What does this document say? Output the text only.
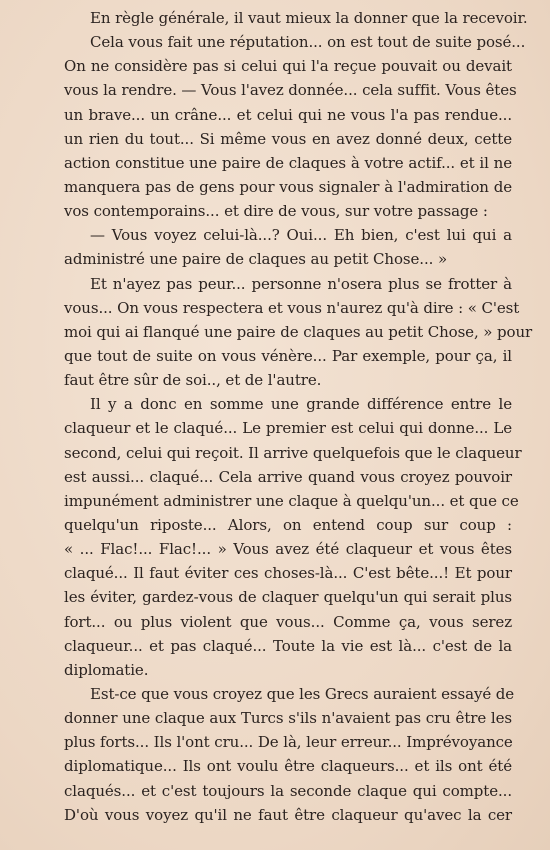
En règle générale, il vaut mieux la donner que la recevoir.
Cela vous fait une réputation... on est tout de suite posé...
On ne considère pas si celui qui l'a reçue pouvait ou devait
vous la rendre. — Vous l'avez donnée... cela suffit. Vous êtes
un brave... un crâne... et celui qui ne vous l'a pas rendue...
un rien du tout... Si même vous en avez donné deux, cette
action constitue une paire de claques à votre actif... et il ne
manquera pas de gens pour vous signaler à l'admiration de
vos contemporains... et dire de vous, sur votre passage :
— Vous voyez celui-là...? Oui... Eh bien, c'est lui qui a
administré une paire de claques au petit Chose... »
Et n'ayez pas peur... personne n'osera plus se frotter à
vous... On vous respectera et vous n'aurez qu'à dire : « C'est
moi qui ai flanqué une paire de claques au petit Chose, » pour
que tout de suite on vous vénère... Par exemple, pour ça, il
faut être sûr de soi.., et de l'autre.
Il y a donc en somme une grande différence entre le
claqueur et le claqué... Le premier est celui qui donne... Le
second, celui qui reçoit. Il arrive quelquefois que le claqueur
est aussi... claqué... Cela arrive quand vous croyez pouvoir
impunément administrer une claque à quelqu'un... et que ce
quelqu'un riposte... Alors, on entend coup sur coup :
« ... Flac!... Flac!... » Vous avez été claqueur et vous êtes
claqué... Il faut éviter ces choses-là... C'est bête...! Et pour
les éviter, gardez-vous de claquer quelqu'un qui serait plus
fort... ou plus violent que vous... Comme ça, vous serez
claqueur... et pas claqué... Toute la vie est là... c'est de la
diplomatie.
Est-ce que vous croyez que les Grecs auraient essayé de
donner une claque aux Turcs s'ils n'avaient pas cru être les
plus forts... Ils l'ont cru... De là, leur erreur... Imprévoyance
diplomatique... Ils ont voulu être claqueurs... et ils ont été
claqués... et c'est toujours la seconde claque qui compte...
D'où vous voyez qu'il ne faut être claqueur qu'avec la cer
